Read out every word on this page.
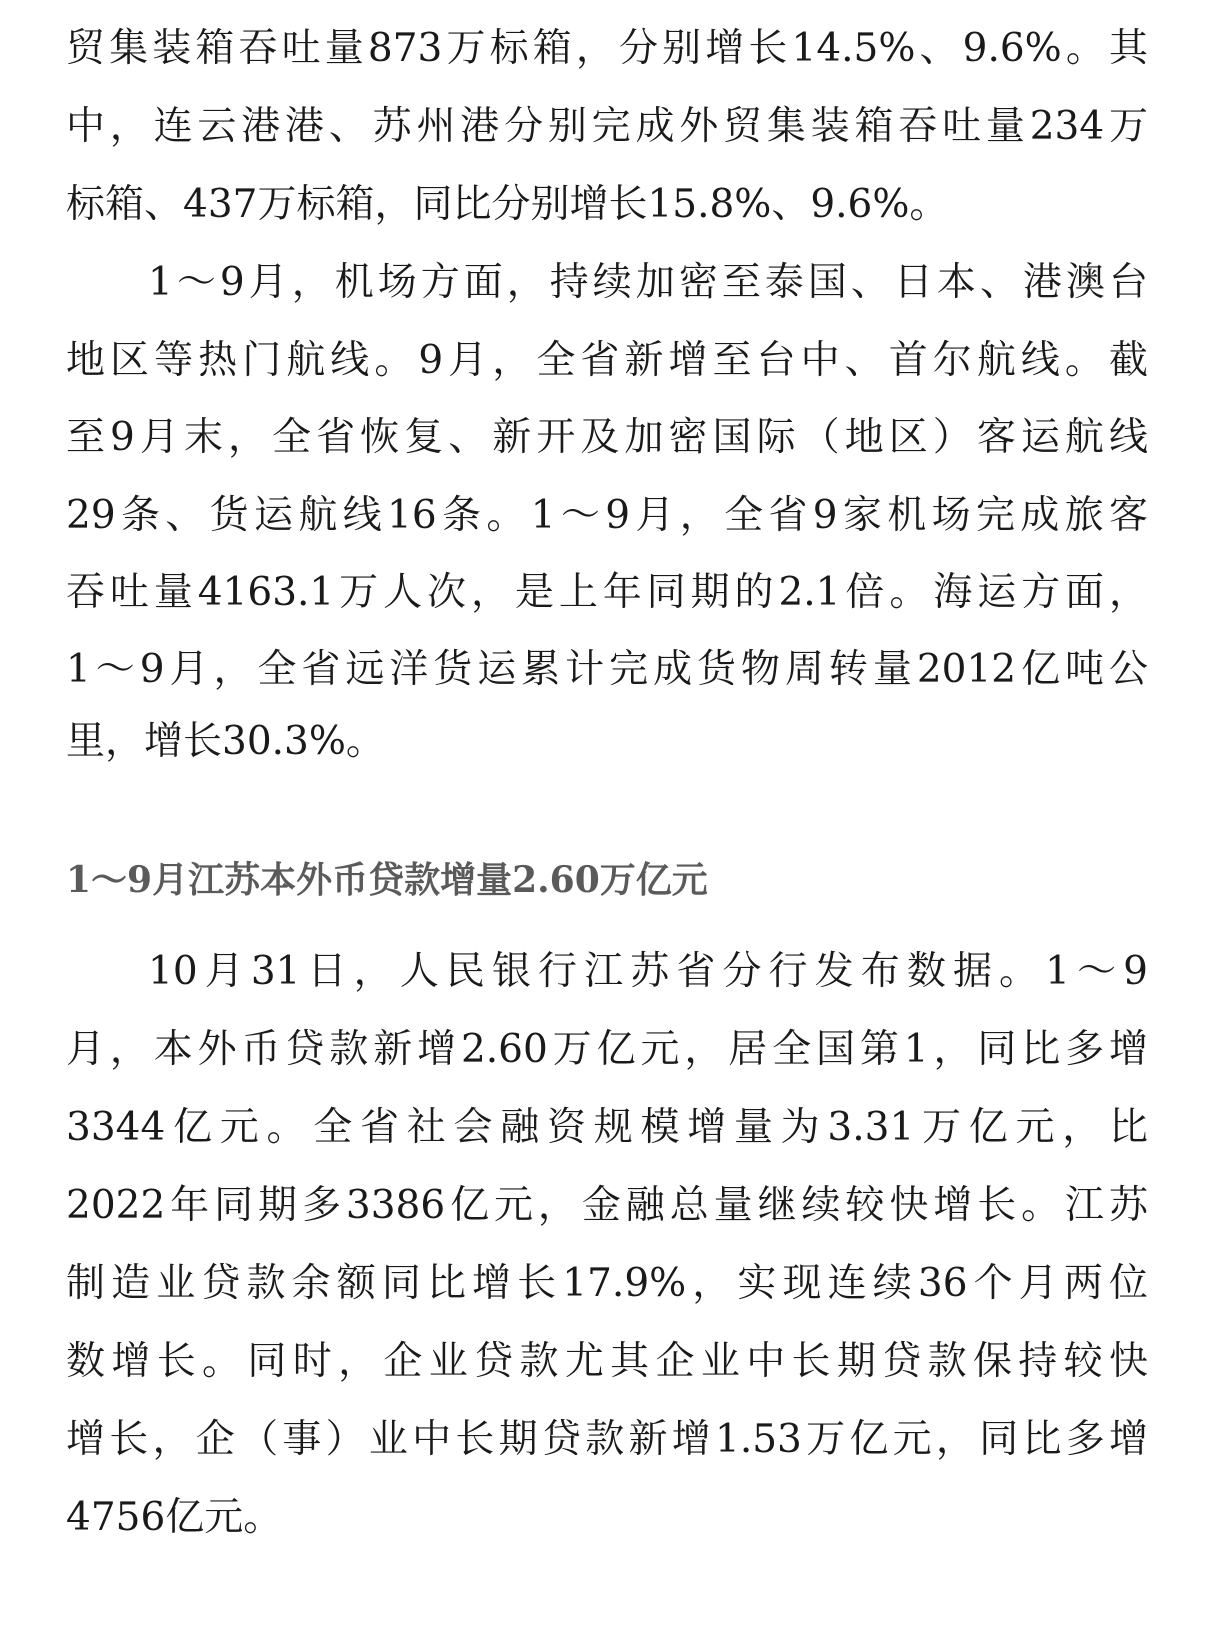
贸集装箱吞吐量873万标箱，分别增长14.5%、9.6%。其
中，连云港港、苏州港分别完成外贸集装箱吞吐量234万
标箱、437万标箱，同比分别增长15.8%、9.6%。
1～9月，机场方面，持续加密至泰国、日本、港澳台
地区等热门航线。9月，全省新增至台中、首尔航线。截
至9月末，全省恢复、新开及加密国际（地区）客运航线
29条、货运航线16条。1～9月，全省9家机场完成旅客
吞吐量4163.1万人次，是上年同期的2.1倍。海运方面，
1～9月，全省远洋货运累计完成货物周转量2012亿吨公
里，增长30.3%。
1～9月江苏本外币贷款增量2.60万亿元
10月31日，人民银行江苏省分行发布数据。1～9
月，本外币贷款新增2.60万亿元，居全国第1，同比多增
3344亿元。全省社会融资规模增量为3.31万亿元，比
2022年同期多3386亿元，金融总量继续较快增长。江苏
制造业贷款余额同比增长17.9%，实现连续36个月两位
数增长。同时，企业贷款尤其企业中长期贷款保持较快
增长，企（事）业中长期贷款新增1.53万亿元，同比多增
4756亿元。
